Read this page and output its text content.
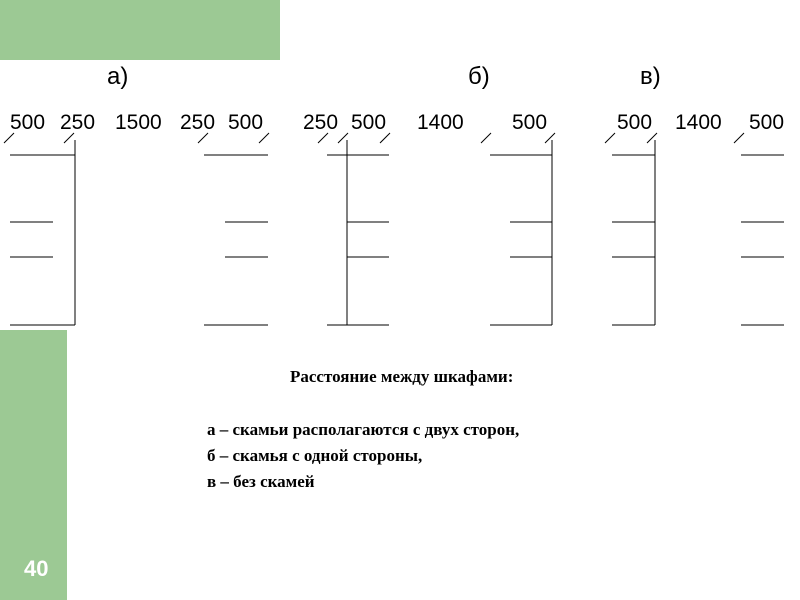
40
а)	б)	в)
500 250 1500 250 500 250 500 1400 500	500 1400 500
Расстояние между шкафами:
а – скамьи располагаются с двух сторон,
б – скамья с одной стороны,
в – без скамей
